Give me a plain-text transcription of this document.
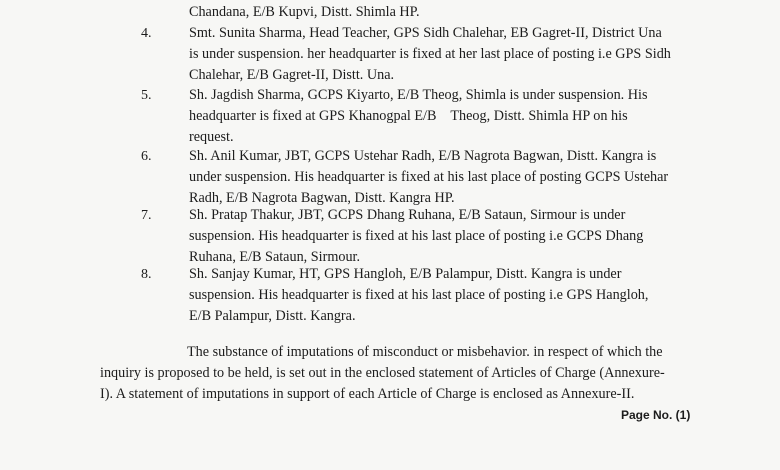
Chandana, E/B Kupvi, Distt. Shimla HP.
4.	Smt. Sunita Sharma, Head Teacher, GPS Sidh Chalehar, EB Gagret-II, District Una
is under suspension. her headquarter is fixed at her last place of posting i.e GPS Sidh
Chalehar, E/B Gagret-II, Distt. Una.
5.	Sh. Jagdish Sharma, GCPS Kiyarto, E/B Theog, Shimla is under suspension. His
headquarter is fixed at GPS Khanogpal E/B    Theog, Distt. Shimla HP on his
request.
6.	Sh. Anil Kumar, JBT, GCPS Ustehar Radh, E/B Nagrota Bagwan, Distt. Kangra is
under suspension. His headquarter is fixed at his last place of posting GCPS Ustehar
Radh, E/B Nagrota Bagwan, Distt. Kangra HP.
7.	Sh. Pratap Thakur, JBT, GCPS Dhang Ruhana, E/B Sataun, Sirmour is under
suspension. His headquarter is fixed at his last place of posting i.e GCPS Dhang
Ruhana, E/B Sataun, Sirmour.
8.	Sh. Sanjay Kumar, HT, GPS Hangloh, E/B Palampur, Distt. Kangra is under
suspension. His headquarter is fixed at his last place of posting i.e GPS Hangloh,
E/B Palampur, Distt. Kangra.
The substance of imputations of misconduct or misbehavior. in respect of which the
inquiry is proposed to be held, is set out in the enclosed statement of Articles of Charge (Annexure-
I). A statement of imputations in support of each Article of Charge is enclosed as Annexure-II.
Page No. (1)
